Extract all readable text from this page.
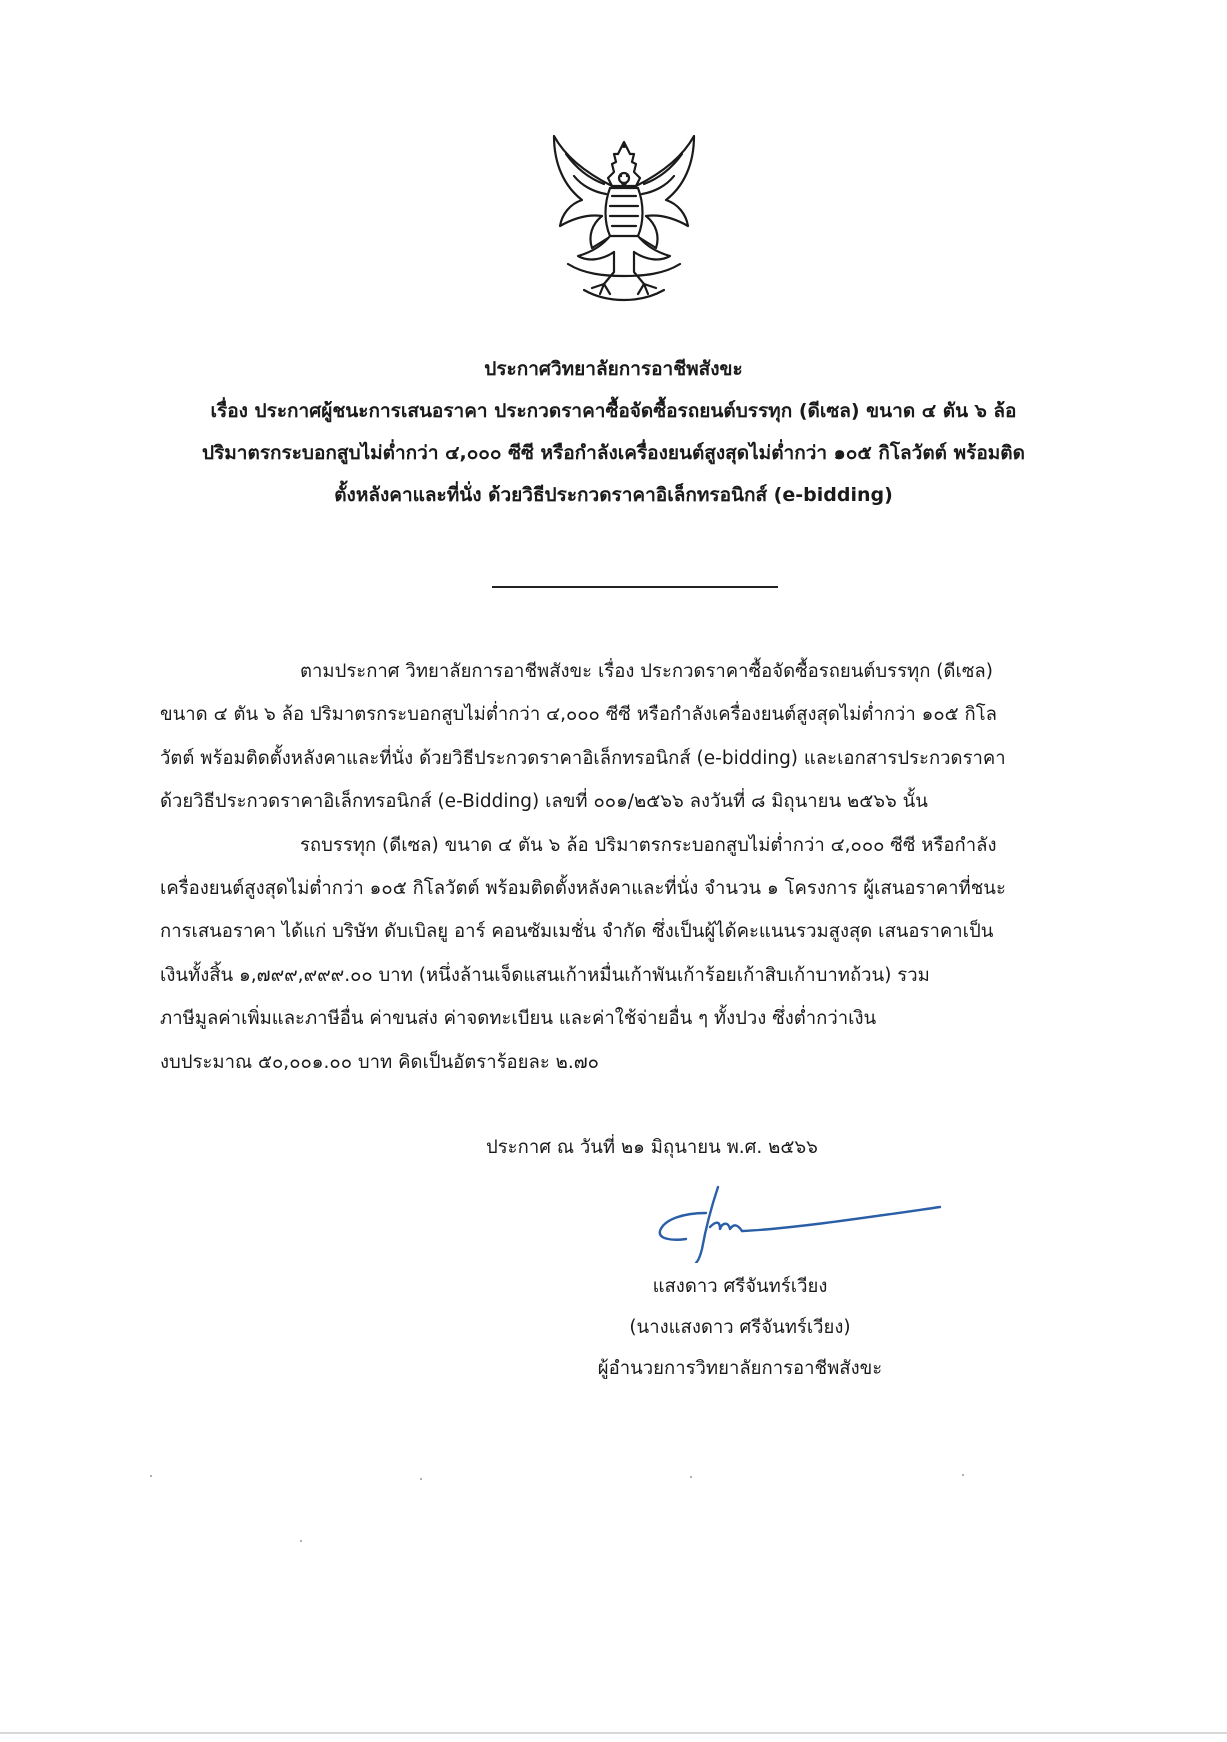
ประกาศวิทยาลัยการอาชีพสังขะ
เรื่อง ประกาศผู้ชนะการเสนอราคา ประกวดราคาซื้อจัดซื้อรถยนต์บรรทุก (ดีเซล) ขนาด ๔ ตัน ๖ ล้อ
ปริมาตรกระบอกสูบไม่ต่ำกว่า ๔,๐๐๐ ซีซี หรือกำลังเครื่องยนต์สูงสุดไม่ต่ำกว่า ๑๐๕ กิโลวัตต์ พร้อมติด
ตั้งหลังคาและที่นั่ง ด้วยวิธีประกวดราคาอิเล็กทรอนิกส์ (e-bidding)
ตามประกาศ วิทยาลัยการอาชีพสังขะ เรื่อง ประกวดราคาซื้อจัดซื้อรถยนต์บรรทุก (ดีเซล)
ขนาด ๔ ตัน ๖ ล้อ ปริมาตรกระบอกสูบไม่ต่ำกว่า ๔,๐๐๐ ซีซี หรือกำลังเครื่องยนต์สูงสุดไม่ต่ำกว่า ๑๐๕ กิโล
วัตต์ พร้อมติดตั้งหลังคาและที่นั่ง ด้วยวิธีประกวดราคาอิเล็กทรอนิกส์ (e-bidding) และเอกสารประกวดราคา
ด้วยวิธีประกวดราคาอิเล็กทรอนิกส์ (e-Bidding) เลขที่ ๐๐๑/๒๕๖๖ ลงวันที่ ๘ มิถุนายน ๒๕๖๖ นั้น
รถบรรทุก (ดีเซล) ขนาด ๔ ตัน ๖ ล้อ ปริมาตรกระบอกสูบไม่ต่ำกว่า ๔,๐๐๐ ซีซี หรือกำลัง
เครื่องยนต์สูงสุดไม่ต่ำกว่า ๑๐๕ กิโลวัตต์ พร้อมติดตั้งหลังคาและที่นั่ง จำนวน ๑ โครงการ ผู้เสนอราคาที่ชนะ
การเสนอราคา ได้แก่ บริษัท ดับเบิลยู อาร์ คอนซัมเมชั่น จำกัด ซึ่งเป็นผู้ได้คะแนนรวมสูงสุด เสนอราคาเป็น
เงินทั้งสิ้น ๑,๗๙๙,๙๙๙.๐๐ บาท (หนึ่งล้านเจ็ดแสนเก้าหมื่นเก้าพันเก้าร้อยเก้าสิบเก้าบาทถ้วน) รวม
ภาษีมูลค่าเพิ่มและภาษีอื่น ค่าขนส่ง ค่าจดทะเบียน และค่าใช้จ่ายอื่น ๆ ทั้งปวง ซึ่งต่ำกว่าเงิน
งบประมาณ ๕๐,๐๐๑.๐๐ บาท คิดเป็นอัตราร้อยละ ๒.๗๐
ประกาศ ณ วันที่ ๒๑ มิถุนายน พ.ศ. ๒๕๖๖
แสงดาว ศรีจันทร์เวียง
(นางแสงดาว ศรีจันทร์เวียง)
ผู้อำนวยการวิทยาลัยการอาชีพสังขะ
